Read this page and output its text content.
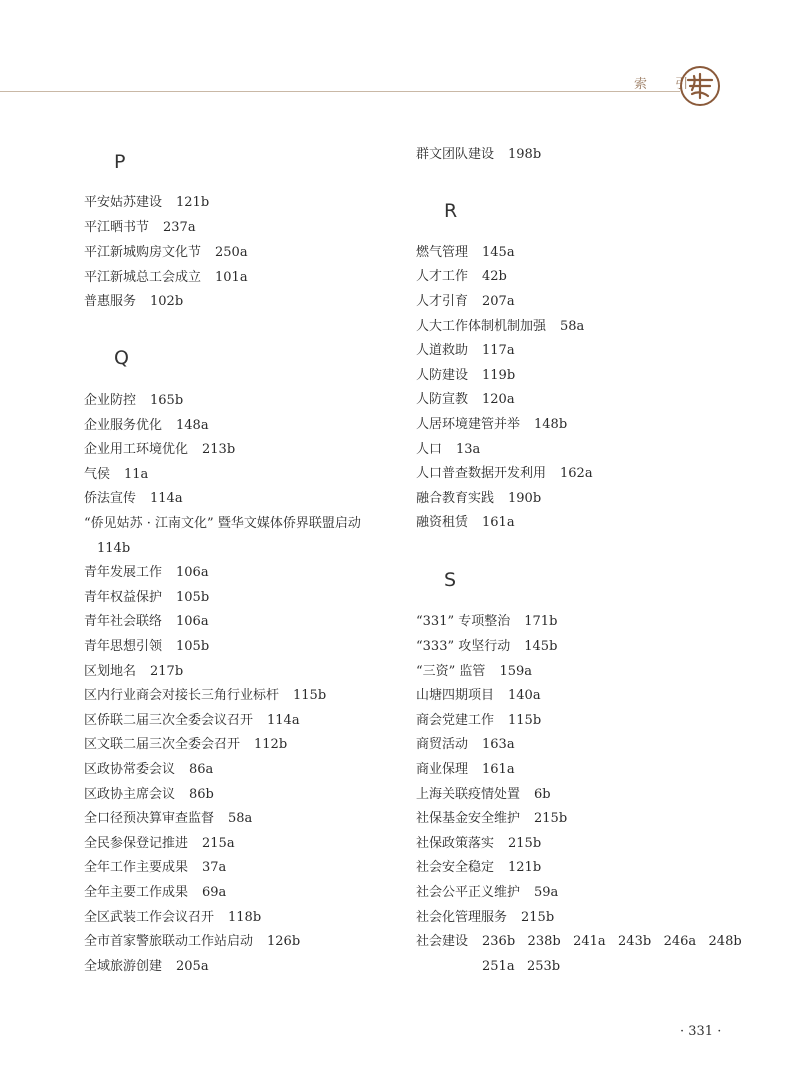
索 引
P
平安姑苏建设 121b
平江晒书节 237a
平江新城购房文化节 250a
平江新城总工会成立 101a
普惠服务 102b
Q
企业防控 165b
企业服务优化 148a
企业用工环境优化 213b
气侯 11a
侨法宣传 114a
“侨见姑苏 · 江南文化” 暨华文媒体侨界联盟启动
114b
青年发展工作 106a
青年权益保护 105b
青年社会联络 106a
青年思想引领 105b
区划地名 217b
区内行业商会对接长三角行业标杆 115b
区侨联二届三次全委会议召开 114a
区文联二届三次全委会召开 112b
区政协常委会议 86a
区政协主席会议 86b
全口径预决算审查监督 58a
全民参保登记推进 215a
全年工作主要成果 37a
全年主要工作成果 69a
全区武装工作会议召开 118b
全市首家警旅联动工作站启动 126b
全域旅游创建 205a
群文团队建设 198b
R
燃气管理 145a
人才工作 42b
人才引育 207a
人大工作体制机制加强 58a
人道救助 117a
人防建设 119b
人防宣教 120a
人居环境建管并举 148b
人口 13a
人口普查数据开发利用 162a
融合教育实践 190b
融资租赁 161a
S
“331” 专项整治 171b
“333” 攻坚行动 145b
“三资” 监管 159a
山塘四期项目 140a
商会党建工作 115b
商贸活动 163a
商业保理 161a
上海关联疫情处置 6b
社保基金安全维护 215b
社保政策落实 215b
社会安全稳定 121b
社会公平正义维护 59a
社会化管理服务 215b
社会建设 236b   238b   241a   243b   246a   248b
251a   253b
· 331 ·
